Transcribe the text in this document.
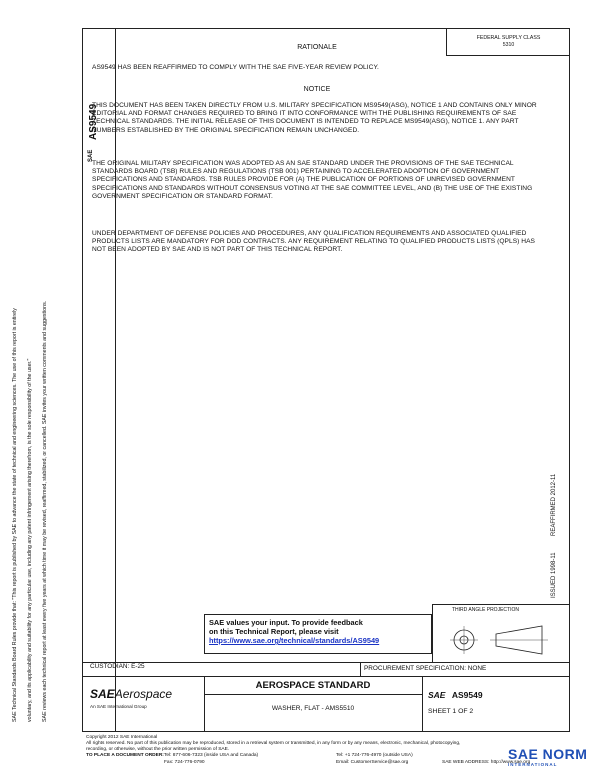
SAE Technical Standards Board Rules provide that: "This report is published by SAE to advance the state of technical and engineering sciences. The use of this report is entirely voluntary, and its applicability and suitability for any particular use, including any patent infringement arising therefrom, is the sole responsibility of the user." SAE reviews each technical report at least every five years at which time it may be revised, reaffirmed, stabilized, or cancelled. SAE invites your written comments and suggestions.
SAE
AS9549
FEDERAL SUPPLY CLASS
5310
RATIONALE
AS9549 HAS BEEN REAFFIRMED TO COMPLY WITH THE SAE FIVE-YEAR REVIEW POLICY.
NOTICE
THIS DOCUMENT HAS BEEN TAKEN DIRECTLY FROM U.S. MILITARY SPECIFICATION MS9549(ASG), NOTICE 1 AND CONTAINS ONLY MINOR EDITORIAL AND FORMAT CHANGES REQUIRED TO BRING IT INTO CONFORMANCE WITH THE PUBLISHING REQUIREMENTS OF SAE TECHNICAL STANDARDS. THE INITIAL RELEASE OF THIS DOCUMENT IS INTENDED TO REPLACE MS9549(ASG), NOTICE 1. ANY PART NUMBERS ESTABLISHED BY THE ORIGINAL SPECIFICATION REMAIN UNCHANGED.
THE ORIGINAL MILITARY SPECIFICATION WAS ADOPTED AS AN SAE STANDARD UNDER THE PROVISIONS OF THE SAE TECHNICAL STANDARDS BOARD (TSB) RULES AND REGULATIONS (TSB 001) PERTAINING TO ACCELERATED ADOPTION OF GOVERNMENT SPECIFICATIONS AND STANDARDS. TSB RULES PROVIDE FOR (A) THE PUBLICATION OF PORTIONS OF UNREVISED GOVERNMENT SPECIFICATIONS AND STANDARDS WITHOUT CONSENSUS VOTING AT THE SAE COMMITTEE LEVEL, AND (B) THE USE OF THE EXISTING GOVERNMENT SPECIFICATION OR STANDARD FORMAT.
UNDER DEPARTMENT OF DEFENSE POLICIES AND PROCEDURES, ANY QUALIFICATION REQUIREMENTS AND ASSOCIATED QUALIFIED PRODUCTS LISTS ARE MANDATORY FOR DOD CONTRACTS. ANY REQUIREMENT RELATING TO QUALIFIED PRODUCTS LISTS (QPLS) HAS NOT BEEN ADOPTED BY SAE AND IS NOT PART OF THIS TECHNICAL REPORT.
ISSUED 1998-11
REAFFIRMED 2012-11
SAE values your input. To provide feedback
on this Technical Report, please visit
https://www.sae.org/technical/standards/AS9549
THIRD ANGLE PROJECTION
CUSTODIAN: E-25	PROCUREMENT SPECIFICATION: NONE
SAEAerospace
An SAE International Group
AEROSPACE STANDARD
WASHER, FLAT - AMS5510
SAE AS9549
SHEET 1 OF 2
Copyright 2012 SAE International
All rights reserved. No part of this publication may be reproduced, stored in a retrieval system or transmitted, in any form or by any means, electronic, mechanical, photocopying,
recording, or otherwise, without the prior written permission of SAE.
TO PLACE A DOCUMENT ORDER: Tel: 877-606-7323 (inside USA and Canada)	Tel: +1 724-776-4970 (outside USA)
Fax: 724-776-0790	Email: CustomerService@sae.org	SAE WEB ADDRESS: http://www.sae.org
SAE NORM
INTERNATIONAL
